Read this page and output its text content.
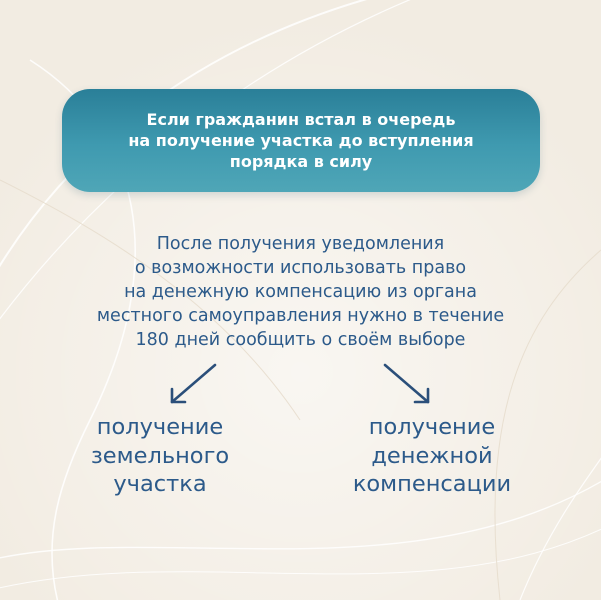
Если гражданин встал в очередь
на получение участка до вступления
порядка в силу
После получения уведомления
о возможности использовать право
на денежную компенсацию из органа
местного самоуправления нужно в течение
180 дней сообщить о своём выборе
получение
земельного
участка
получение
денежной
компенсации
